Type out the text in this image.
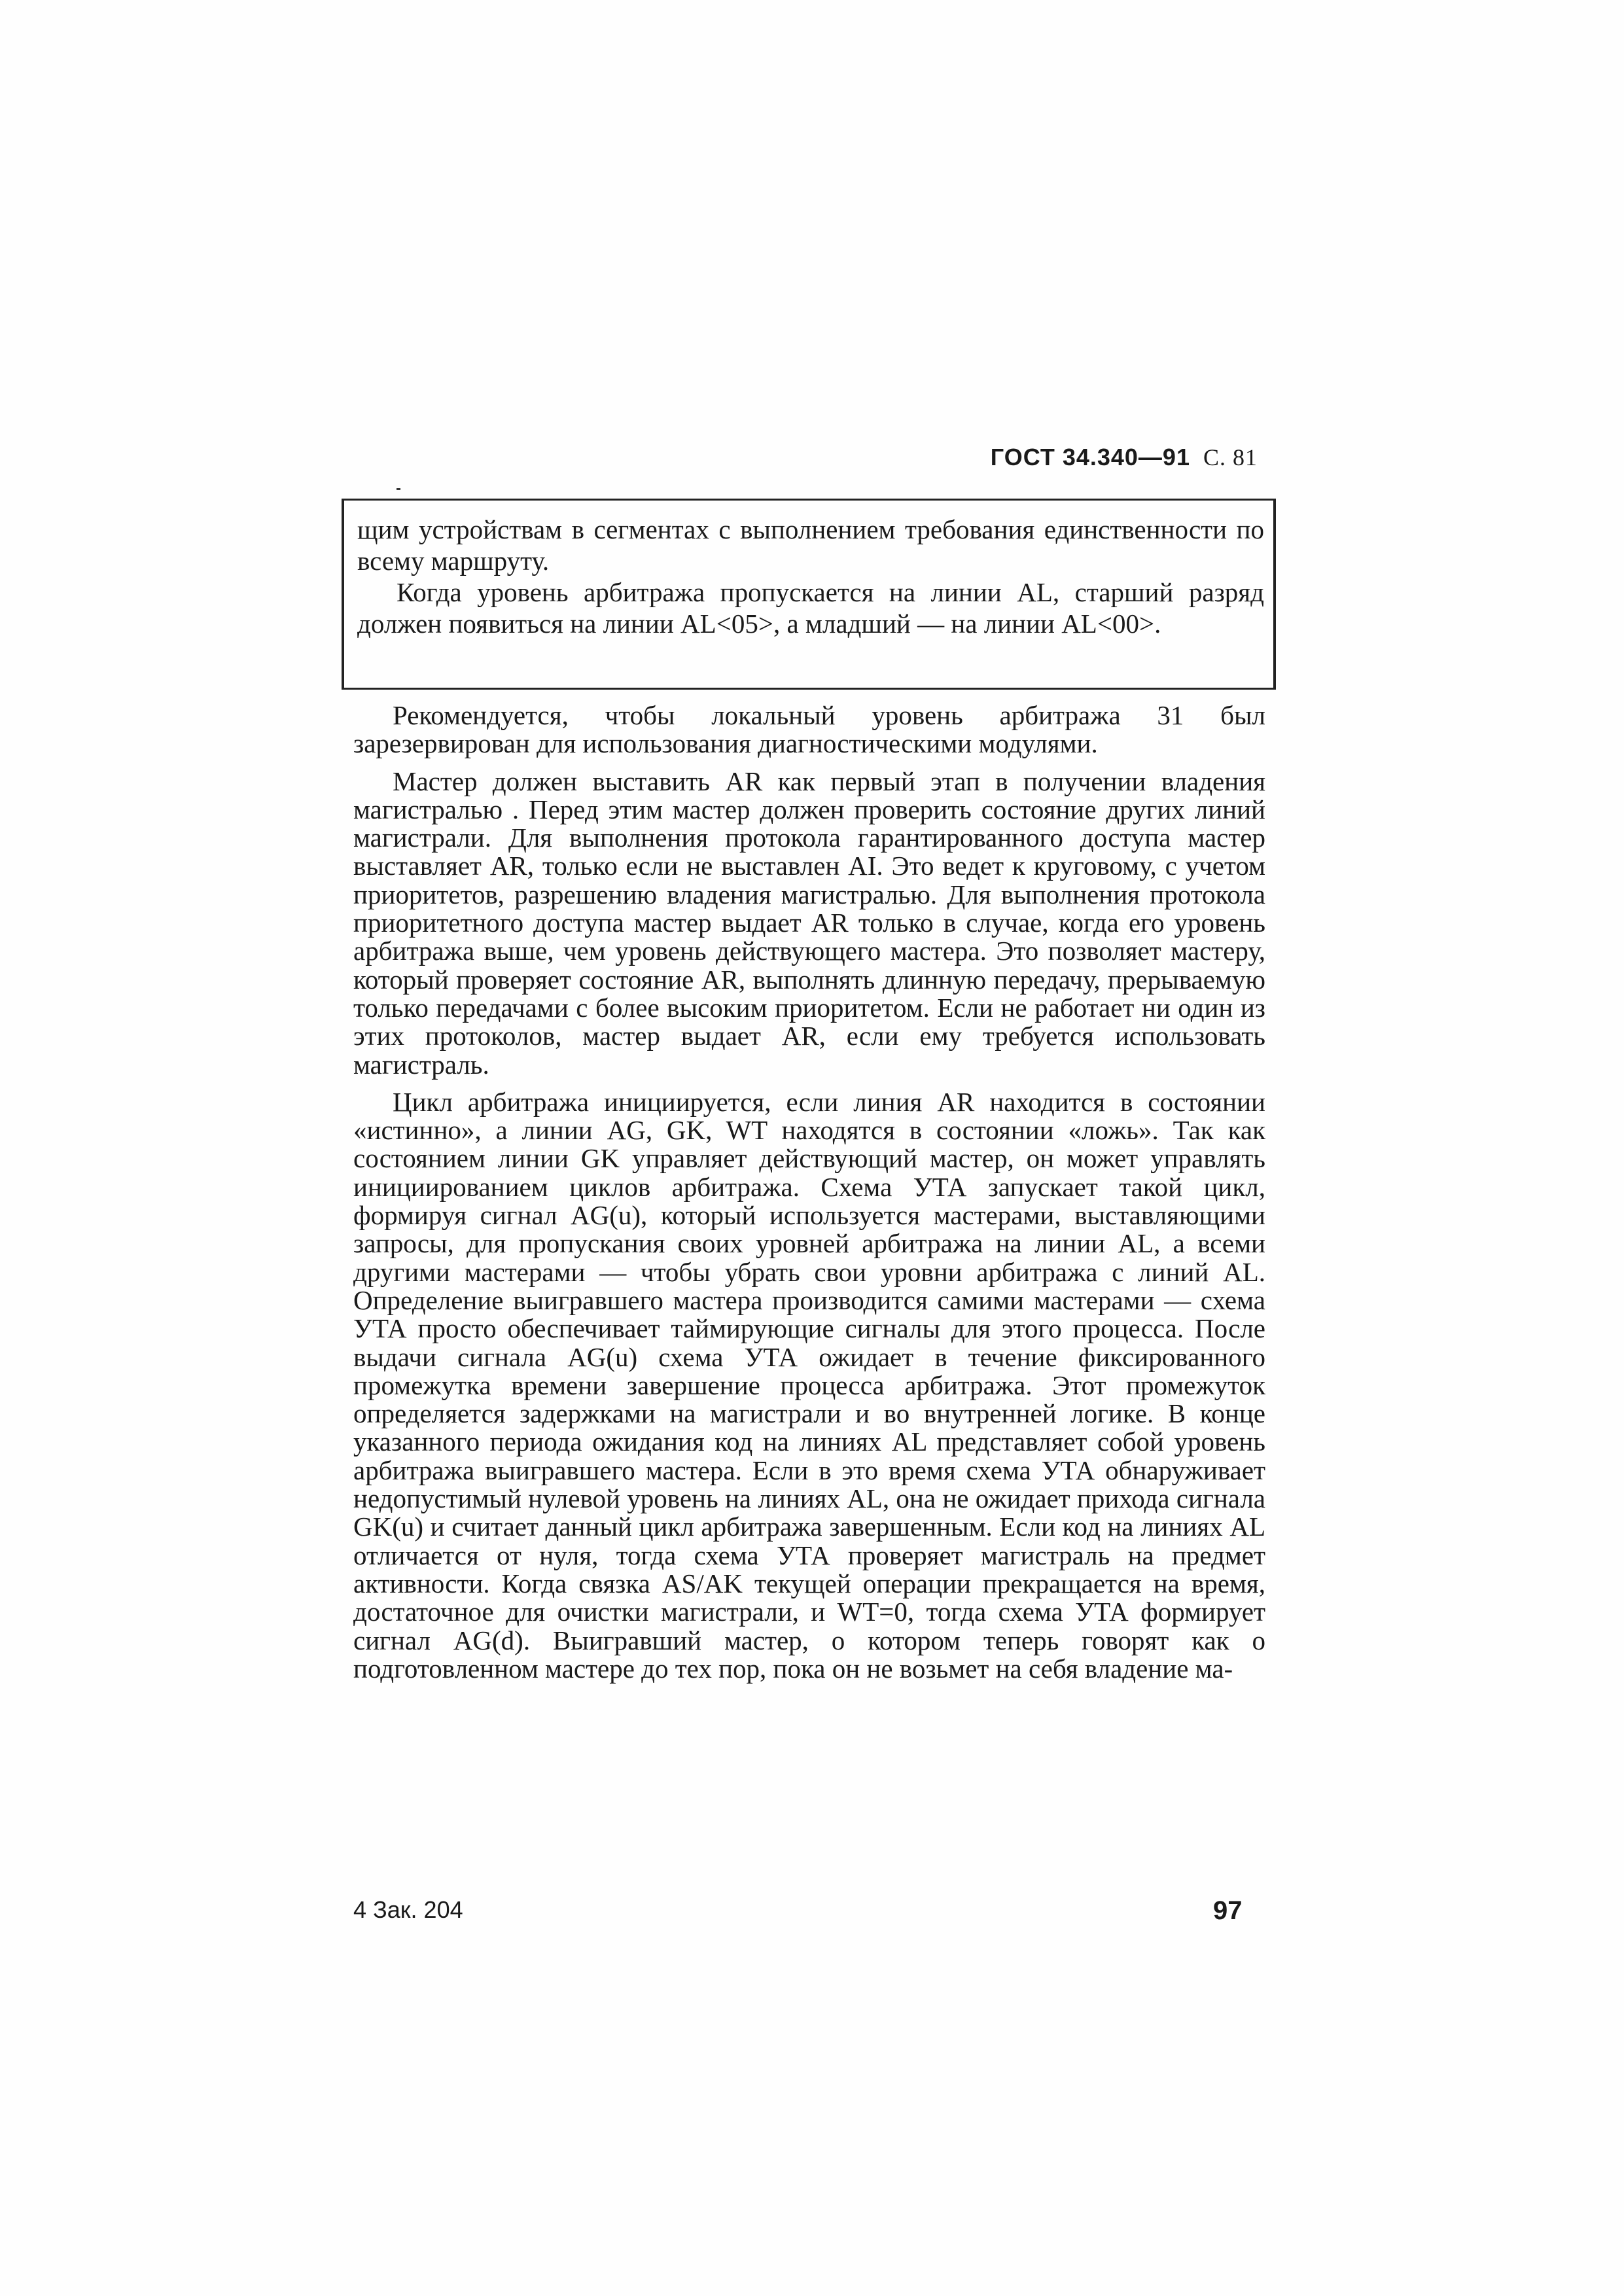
ГОСТ 34.340—91 С. 81

щим устройствам в сегментах с выполнением требования единственности по всему маршруту.

Когда уровень арбитража пропускается на линии AL, старший разряд должен появиться на линии AL<05>, а младший — на линии AL<00>.

Рекомендуется, чтобы локальный уровень арбитража 31 был зарезервирован для использования диагностическими модулями.

Мастер должен выставить AR как первый этап в получении владения магистралью . Перед этим мастер должен проверить состояние других линий магистрали. Для выполнения протокола гарантированного доступа мастер выставляет AR, только если не выставлен AI. Это ведет к круговому, с учетом приоритетов, разрешению владения магистралью. Для выполнения протокола приоритетного доступа мастер выдает AR только в случае, когда его уровень арбитража выше, чем уровень действующего мастера. Это позволяет мастеру, который проверяет состояние AR, выполнять длинную передачу, прерываемую только передачами с более высоким приоритетом. Если не работает ни один из этих протоколов, мастер выдает AR, если ему требуется использовать магистраль.

Цикл арбитража инициируется, если линия AR находится в состоянии «истинно», а линии AG, GK, WT находятся в состоянии «ложь». Так как состоянием линии GK управляет действующий мастер, он может управлять инициированием циклов арбитража. Схема УТА запускает такой цикл, формируя сигнал AG(u), который используется мастерами, выставляющими запросы, для пропускания своих уровней арбитража на линии AL, а всеми другими мастерами — чтобы убрать свои уровни арбитража с линий AL. Определение выигравшего мастера производится самими мастерами — схема УТА просто обеспечивает таймирующие сигналы для этого процесса. После выдачи сигнала AG(u) схема УТА ожидает в течение фиксированного промежутка времени завершение процесса арбитража. Этот промежуток определяется задержками на магистрали и во внутренней логике. В конце указанного периода ожидания код на линиях AL представляет собой уровень арбитража выигравшего мастера. Если в это время схема УТА обнаруживает недопустимый нулевой уровень на линиях AL, она не ожидает прихода сигнала GK(u) и считает данный цикл арбитража завершенным. Если код на линиях AL отличается от нуля, тогда схема УТА проверяет магистраль на предмет активности. Когда связка AS/AK текущей операции прекращается на время, достаточное для очистки магистрали, и WT=0, тогда схема УТА формирует сигнал AG(d). Выигравший мастер, о котором теперь говорят как о подготовленном мастере до тех пор, пока он не возьмет на себя владение ма-

4 Зак. 204	97
